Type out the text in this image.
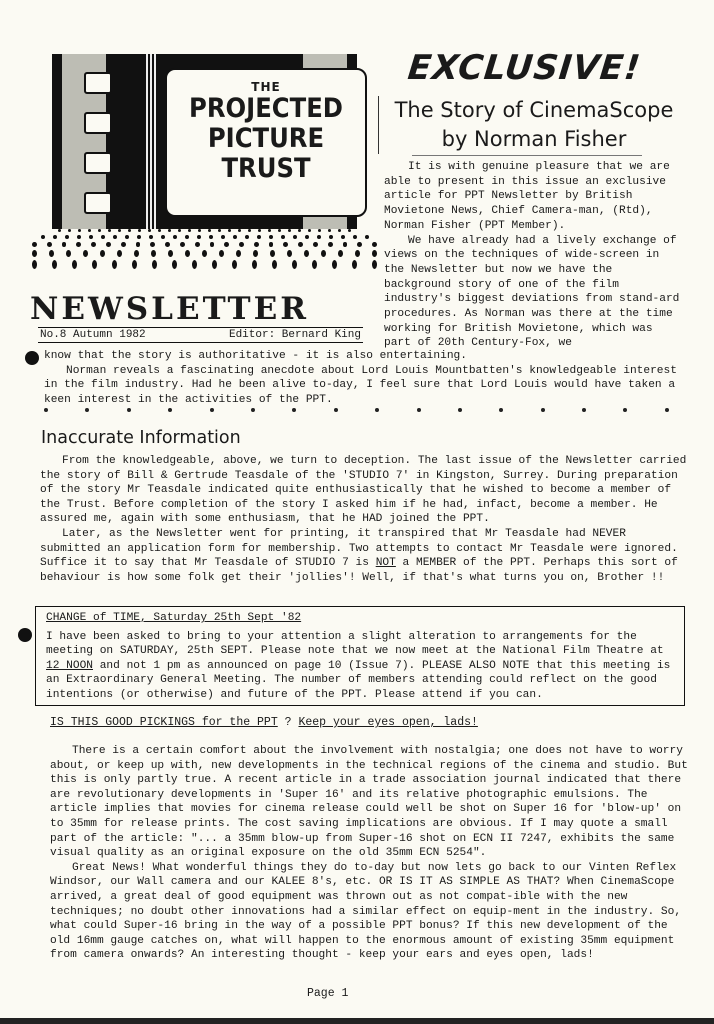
THE
PROJECTED
PICTURE
TRUST
NEWSLETTER
No.8 Autumn 1982	Editor: Bernard King
EXCLUSIVE!
The Story of CinemaScope
by Norman Fisher

It is with genuine pleasure that we are able to present in this issue an exclusive article for PPT Newsletter by British Movietone News, Chief Camera-man, (Rtd), Norman Fisher (PPT Member).

We have already had a lively exchange of views on the techniques of wide-screen in the Newsletter but now we have the background story of one of the film industry's biggest deviations from stand-ard procedures. As Norman was there at the time working for British Movietone, which was part of 20th Century-Fox, we

know that the story is authoritative - it is also entertaining.

Norman reveals a fascinating anecdote about Lord Louis Mountbatten's knowledgeable interest in the film industry. Had he been alive to-day, I feel sure that Lord Louis would have taken a keen interest in the activities of the PPT.

Inaccurate Information

From the knowledgeable, above, we turn to deception. The last issue of the Newsletter carried the story of Bill & Gertrude Teasdale of the 'STUDIO 7' in Kingston, Surrey. During preparation of the story Mr Teasdale indicated quite enthusiastically that he wished to become a member of the Trust. Before completion of the story I asked him if he had, infact, become a member. He assured me, again with some enthusiasm, that he HAD joined the PPT.

Later, as the Newsletter went for printing, it transpired that Mr Teasdale had NEVER submitted an application form for membership. Two attempts to contact Mr Teasdale were ignored. Suffice it to say that Mr Teasdale of STUDIO 7 is NOT a MEMBER of the PPT. Perhaps this sort of behaviour is how some folk get their 'jollies'! Well, if that's what turns you on, Brother !!

CHANGE of TIME, Saturday 25th Sept '82
I have been asked to bring to your attention a slight alteration to arrangements for the meeting on SATURDAY, 25th SEPT. Please note that we now meet at the National Film Theatre at 12 NOON and not 1 pm as announced on page 10 (Issue 7). PLEASE ALSO NOTE that this meeting is an Extraordinary General Meeting. The number of members attending could reflect on the good intentions (or otherwise) and future of the PPT. Please attend if you can.
IS THIS GOOD PICKINGS for the PPT ? Keep your eyes open, lads!

There is a certain comfort about the involvement with nostalgia; one does not have to worry about, or keep up with, new developments in the technical regions of the cinema and studio. But this is only partly true. A recent article in a trade association journal indicated that there are revolutionary developments in 'Super 16' and its relative photographic emulsions. The article implies that movies for cinema release could well be shot on Super 16 for 'blow-up' on to 35mm for release prints. The cost saving implications are obvious. If I may quote a small part of the article: "... a 35mm blow-up from Super-16 shot on ECN II 7247, exhibits the same visual quality as an original exposure on the old 35mm ECN 5254".

Great News! What wonderful things they do to-day but now lets go back to our Vinten Reflex Windsor, our Wall camera and our KALEE 8's, etc. OR IS IT AS SIMPLE AS THAT? When CinemaScope arrived, a great deal of good equipment was thrown out as not compat-ible with the new techniques; no doubt other innovations had a similar effect on equip-ment in the industry. So, what could Super-16 bring in the way of a possible PPT bonus? If this new development of the old 16mm gauge catches on, what will happen to the enormous amount of existing 35mm equipment from camera onwards? An interesting thought - keep your ears and eyes open, lads!

Page 1
